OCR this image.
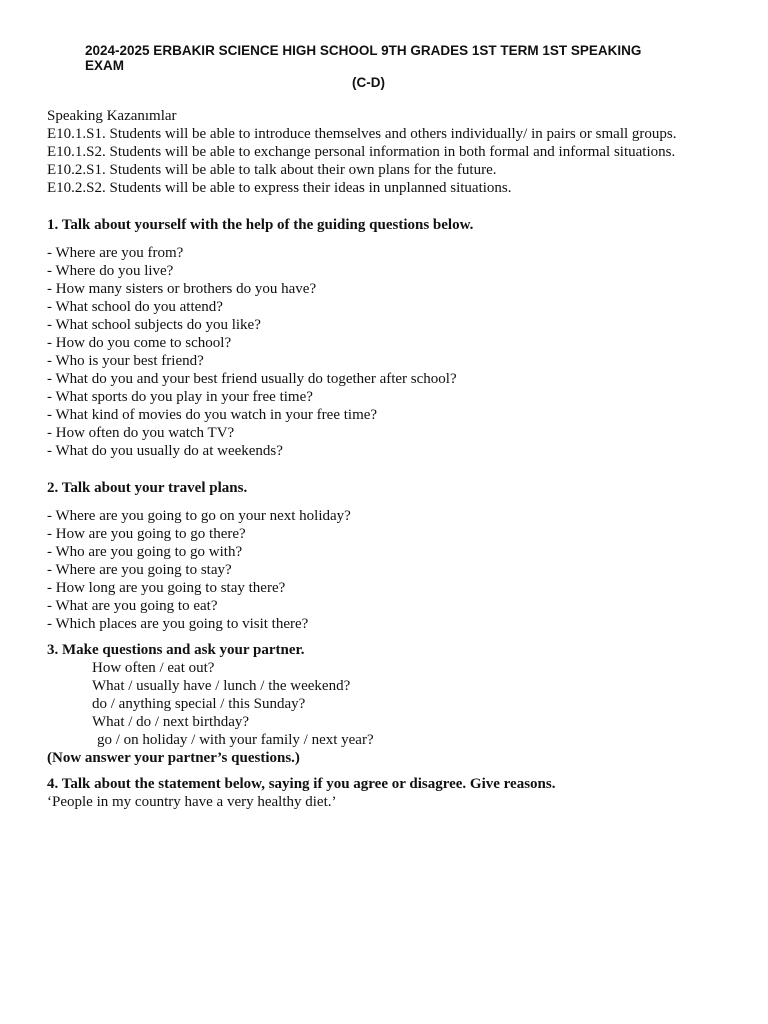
2024-2025 ERBAKIR SCIENCE HIGH SCHOOL 9TH GRADES 1ST TERM 1ST SPEAKING
EXAM
(C-D)
Speaking Kazanımlar
E10.1.S1. Students will be able to introduce themselves and others individually/ in pairs or small groups.
E10.1.S2. Students will be able to exchange personal information in both formal and informal situations.
E10.2.S1. Students will be able to talk about their own plans for the future.
E10.2.S2. Students will be able to express their ideas in unplanned situations.
1. Talk about yourself with the help of the guiding questions below.
- Where are you from?
- Where do you live?
- How many sisters or brothers do you have?
- What school do you attend?
- What school subjects do you like?
- How do you come to school?
- Who is your best friend?
- What do you and your best friend usually do together after school?
- What sports do you play in your free time?
- What kind of movies do you watch in your free time?
- How often do you watch TV?
- What do you usually do at weekends?
2. Talk about your travel plans.
- Where are you going to go on your next holiday?
- How are you going to go there?
- Who are you going to go with?
- Where are you going to stay?
- How long are you going to stay there?
- What are you going to eat?
- Which places are you going to visit there?
3. Make questions and ask your partner.
How often / eat out?
What / usually have / lunch / the weekend?
do / anything special / this Sunday?
What / do / next birthday?
go / on holiday / with your family / next year?
(Now answer your partner’s questions.)
4. Talk about the statement below, saying if you agree or disagree. Give reasons.
‘People in my country have a very healthy diet.’
